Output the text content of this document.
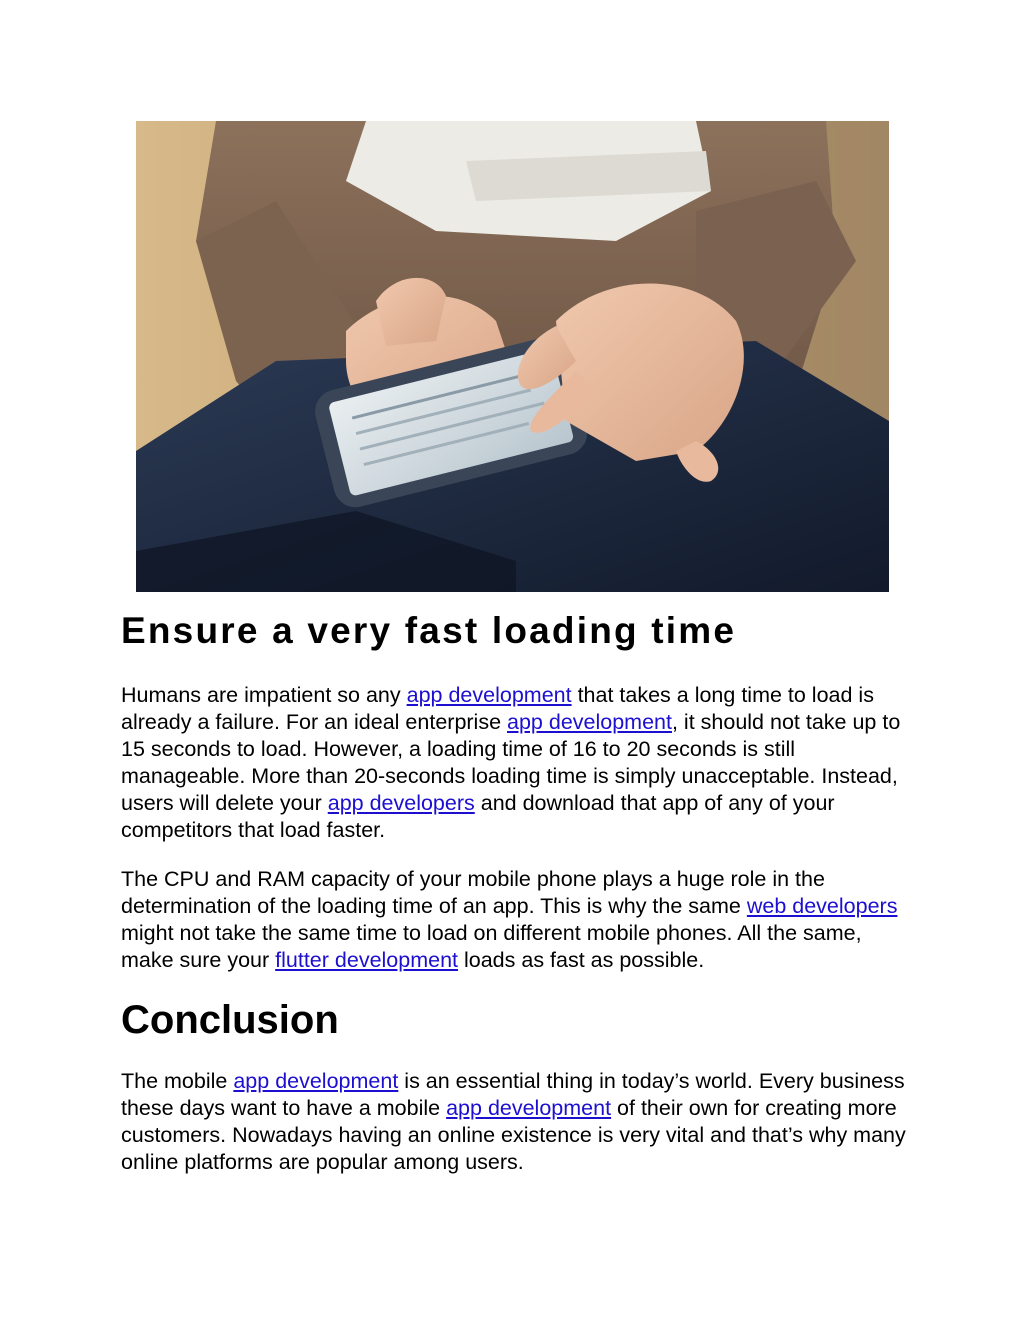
Ensure a very fast loading time

Humans are impatient so any app development that takes a long time to load is already a failure. For an ideal enterprise app development, it should not take up to 15 seconds to load. However, a loading time of 16 to 20 seconds is still manageable. More than 20-seconds loading time is simply unacceptable. Instead, users will delete your app developers and download that app of any of your competitors that load faster.

The CPU and RAM capacity of your mobile phone plays a huge role in the determination of the loading time of an app. This is why the same web developers might not take the same time to load on different mobile phones. All the same, make sure your flutter development loads as fast as possible.

Conclusion

The mobile app development is an essential thing in today’s world. Every business these days want to have a mobile app development of their own for creating more customers. Nowadays having an online existence is very vital and that’s why many online platforms are popular among users.
